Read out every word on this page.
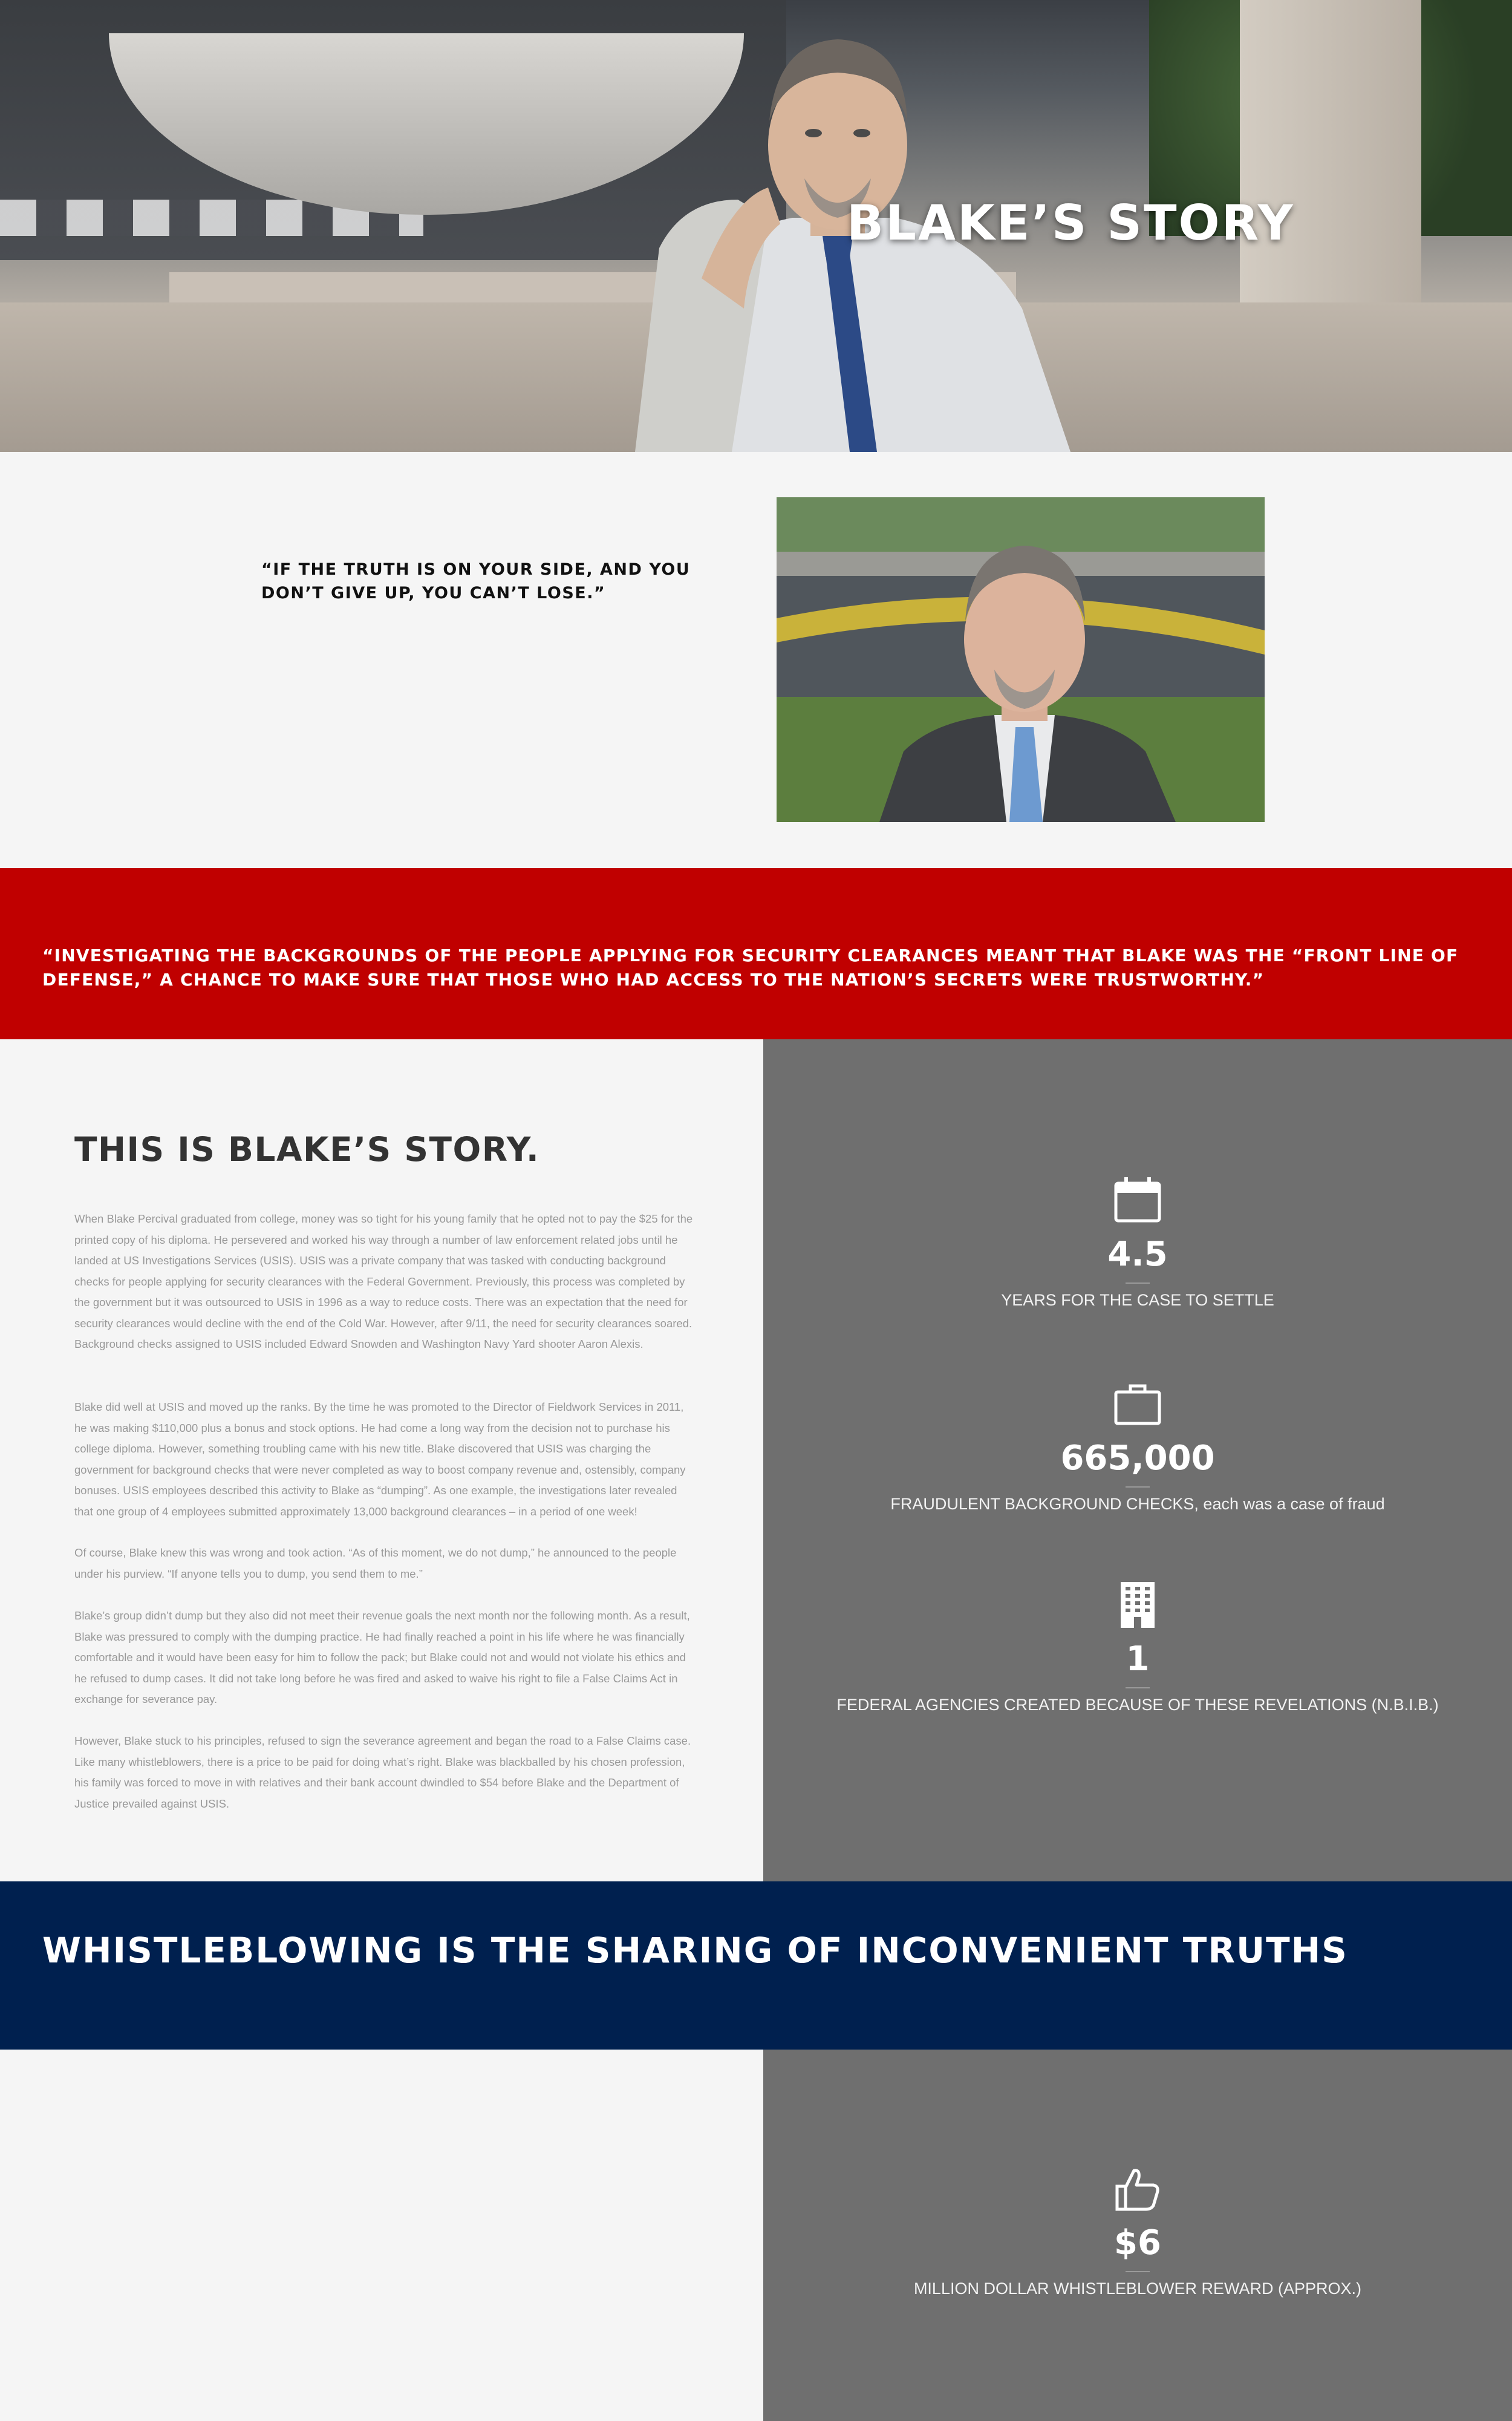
BLAKE’S STORY
“IF THE TRUTH IS ON YOUR SIDE, AND YOU DON’T GIVE UP, YOU CAN’T LOSE.”
“INVESTIGATING THE BACKGROUNDS OF THE PEOPLE APPLYING FOR SECURITY CLEARANCES MEANT THAT BLAKE WAS THE “FRONT LINE OF DEFENSE,” A CHANCE TO MAKE SURE THAT THOSE WHO HAD ACCESS TO THE NATION’S SECRETS WERE TRUSTWORTHY.”
THIS IS BLAKE’S STORY.

When Blake Percival graduated from college, money was so tight for his young family that he opted not to pay the $25 for the printed copy of his diploma. He persevered and worked his way through a number of law enforcement related jobs until he landed at US Investigations Services (USIS). USIS was a private company that was tasked with conducting background checks for people applying for security clearances with the Federal Government. Previously, this process was completed by the government but it was outsourced to USIS in 1996 as a way to reduce costs. There was an expectation that the need for security clearances would decline with the end of the Cold War. However, after 9/11, the need for security clearances soared. Background checks assigned to USIS included Edward Snowden and Washington Navy Yard shooter Aaron Alexis.

Blake did well at USIS and moved up the ranks. By the time he was promoted to the Director of Fieldwork Services in 2011, he was making $110,000 plus a bonus and stock options. He had come a long way from the decision not to purchase his college diploma. However, something troubling came with his new title. Blake discovered that USIS was charging the government for background checks that were never completed as way to boost company revenue and, ostensibly, company bonuses. USIS employees described this activity to Blake as “dumping”. As one example, the investigations later revealed that one group of 4 employees submitted approximately 13,000 background clearances – in a period of one week!

Of course, Blake knew this was wrong and took action. “As of this moment, we do not dump,” he announced to the people under his purview. “If anyone tells you to dump, you send them to me.”

Blake’s group didn’t dump but they also did not meet their revenue goals the next month nor the following month. As a result, Blake was pressured to comply with the dumping practice. He had finally reached a point in his life where he was financially comfortable and it would have been easy for him to follow the pack; but Blake could not and would not violate his ethics and he refused to dump cases. It did not take long before he was fired and asked to waive his right to file a False Claims Act in exchange for severance pay.

However, Blake stuck to his principles, refused to sign the severance agreement and began the road to a False Claims case. Like many whistleblowers, there is a price to be paid for doing what’s right. Blake was blackballed by his chosen profession, his family was forced to move in with relatives and their bank account dwindled to $54 before Blake and the Department of Justice prevailed against USIS.

4.5
YEARS FOR THE CASE TO SETTLE
665,000
FRAUDULENT BACKGROUND CHECKS, each was a case of fraud
1
FEDERAL AGENCIES CREATED BECAUSE OF THESE REVELATIONS (N.B.I.B.)
WHISTLEBLOWING IS THE SHARING OF INCONVENIENT TRUTHS
$6
MILLION DOLLAR WHISTLEBLOWER REWARD (APPROX.)
